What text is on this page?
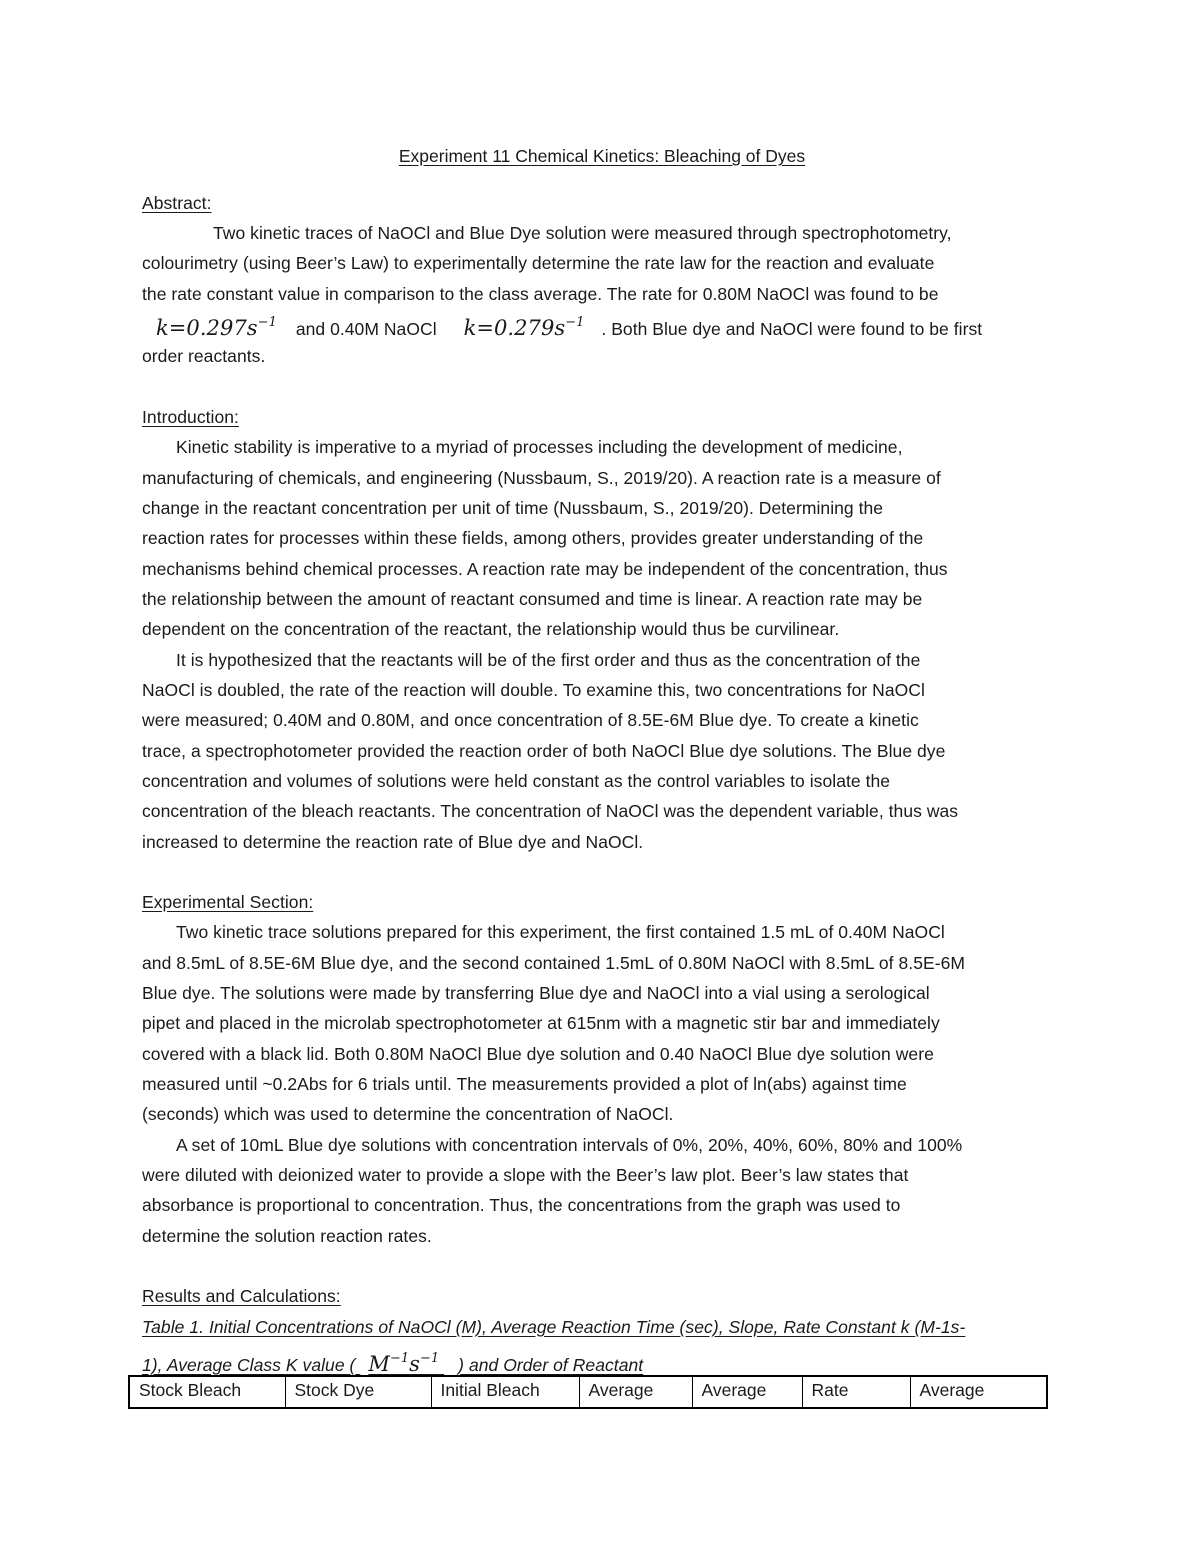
Experiment 11 Chemical Kinetics: Bleaching of Dyes
Abstract:
Two kinetic traces of NaOCl and Blue Dye solution were measured through spectrophotometry,
colourimetry (using Beer’s Law) to experimentally determine the rate law for the reaction and evaluate
the rate constant value in comparison to the class average. The rate for 0.80M NaOCl was found to be
$k=0.297s^{-1}$ and 0.40M NaOCl $k=0.279s^{-1}$ . Both Blue dye and NaOCl were found to be first
order reactants.
Introduction:
Kinetic stability is imperative to a myriad of processes including the development of medicine,
manufacturing of chemicals, and engineering (Nussbaum, S., 2019/20). A reaction rate is a measure of
change in the reactant concentration per unit of time (Nussbaum, S., 2019/20). Determining the
reaction rates for processes within these fields, among others, provides greater understanding of the
mechanisms behind chemical processes. A reaction rate may be independent of the concentration, thus
the relationship between the amount of reactant consumed and time is linear. A reaction rate may be
dependent on the concentration of the reactant, the relationship would thus be curvilinear.
It is hypothesized that the reactants will be of the first order and thus as the concentration of the
NaOCl is doubled, the rate of the reaction will double. To examine this, two concentrations for NaOCl
were measured; 0.40M and 0.80M, and once concentration of 8.5E-6M Blue dye. To create a kinetic
trace, a spectrophotometer provided the reaction order of both NaOCl Blue dye solutions. The Blue dye
concentration and volumes of solutions were held constant as the control variables to isolate the
concentration of the bleach reactants. The concentration of NaOCl was the dependent variable, thus was
increased to determine the reaction rate of Blue dye and NaOCl.
Experimental Section:
Two kinetic trace solutions prepared for this experiment, the first contained 1.5 mL of 0.40M NaOCl
and 8.5mL of 8.5E-6M Blue dye, and the second contained 1.5mL of 0.80M NaOCl with 8.5mL of 8.5E-6M
Blue dye. The solutions were made by transferring Blue dye and NaOCl into a vial using a serological
pipet and placed in the microlab spectrophotometer at 615nm with a magnetic stir bar and immediately
covered with a black lid. Both 0.80M NaOCl Blue dye solution and 0.40 NaOCl Blue dye solution were
measured until ~0.2Abs for 6 trials until. The measurements provided a plot of ln(abs) against time
(seconds) which was used to determine the concentration of NaOCl.
A set of 10mL Blue dye solutions with concentration intervals of 0%, 20%, 40%, 60%, 80% and 100%
were diluted with deionized water to provide a slope with the Beer’s law plot. Beer’s law states that
absorbance is proportional to concentration. Thus, the concentrations from the graph was used to
determine the solution reaction rates.
Results and Calculations:
Table 1. Initial Concentrations of NaOCl (M), Average Reaction Time (sec), Slope, Rate Constant k (M-1s-
1), Average Class K value ( $M^{-1}s^{-1}$ ) and Order of Reactant
Stock Bleach	Stock Dye	Initial Bleach	Average	Average	Rate	Average
